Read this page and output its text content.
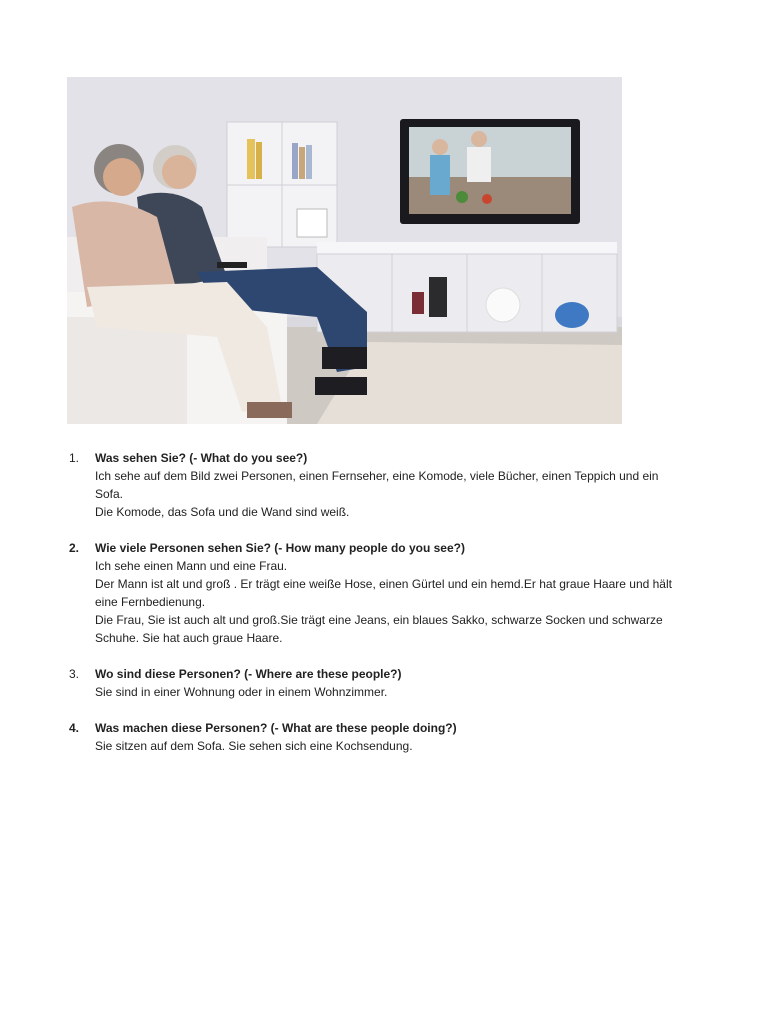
1. Was sehen Sie? (- What do you see?)
Ich sehe auf dem Bild zwei Personen, einen Fernseher, eine Komode, viele Bücher, einen Teppich und ein Sofa.
Die Komode, das Sofa und die Wand sind weiß.
2. Wie viele Personen sehen Sie? (- How many people do you see?)
Ich sehe einen Mann und eine Frau.
Der Mann ist alt und groß . Er trägt eine weiße Hose, einen Gürtel und ein hemd.Er hat graue Haare und hält eine Fernbedienung.
Die Frau, Sie ist auch alt und groß.Sie trägt eine Jeans, ein blaues Sakko, schwarze Socken und schwarze Schuhe. Sie hat auch graue Haare.
3. Wo sind diese Personen? (- Where are these people?)
Sie sind in einer Wohnung oder in einem Wohnzimmer.
4. Was machen diese Personen? (- What are these people doing?)
Sie sitzen auf dem Sofa. Sie sehen sich eine Kochsendung.
